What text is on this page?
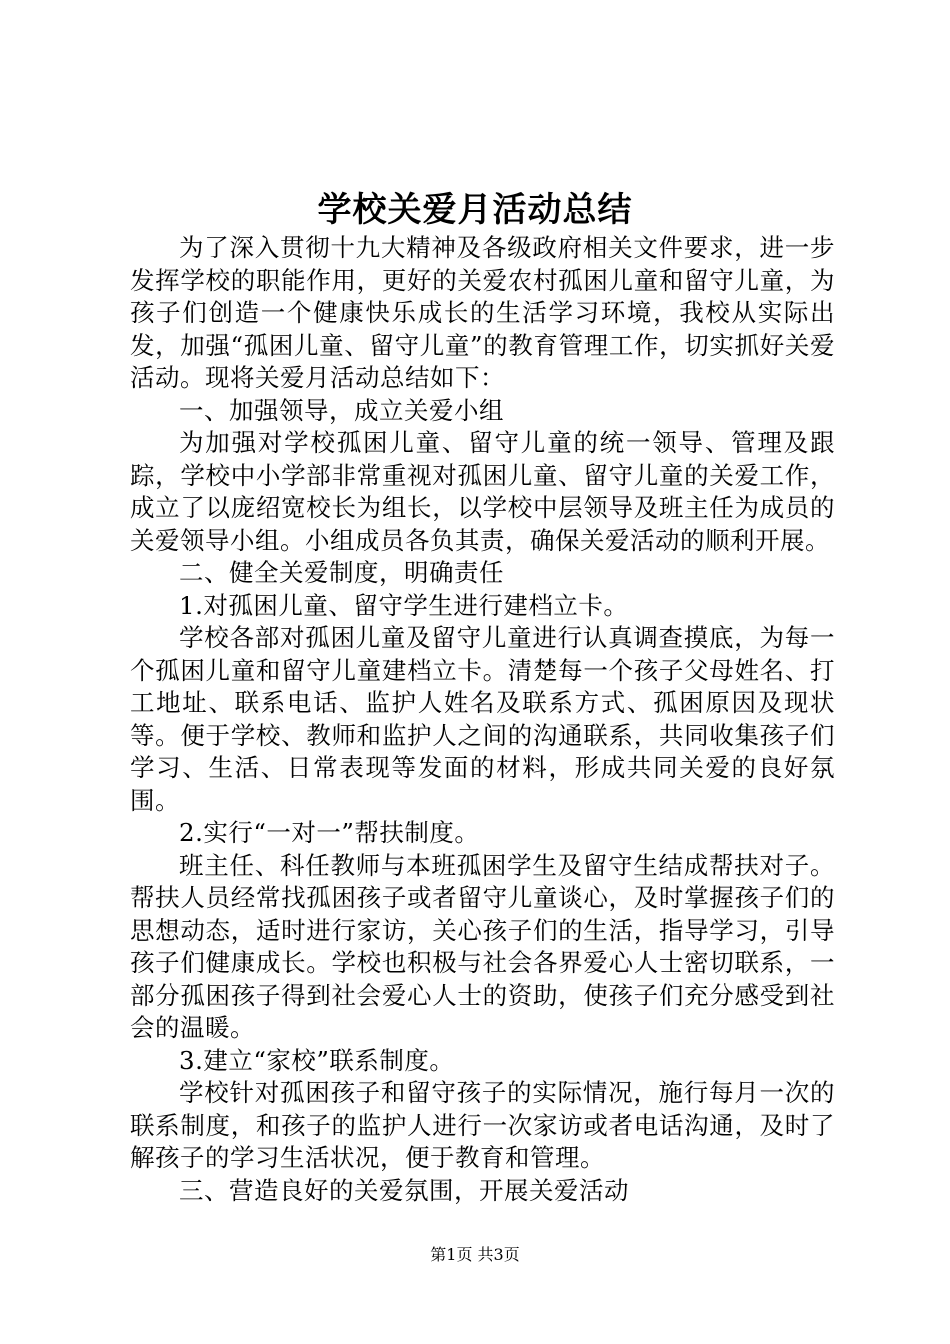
学校关爱月活动总结

为了深入贯彻十九大精神及各级政府相关文件要求，进一步发挥学校的职能作用，更好的关爱农村孤困儿童和留守儿童，为孩子们创造一个健康快乐成长的生活学习环境，我校从实际出发，加强“孤困儿童、留守儿童”的教育管理工作，切实抓好关爱活动。现将关爱月活动总结如下：

一、加强领导，成立关爱小组

为加强对学校孤困儿童、留守儿童的统一领导、管理及跟踪，学校中小学部非常重视对孤困儿童、留守儿童的关爱工作，成立了以庞绍宽校长为组长，以学校中层领导及班主任为成员的关爱领导小组。小组成员各负其责，确保关爱活动的顺利开展。

二、健全关爱制度，明确责任

1.对孤困儿童、留守学生进行建档立卡。

学校各部对孤困儿童及留守儿童进行认真调查摸底，为每一个孤困儿童和留守儿童建档立卡。清楚每一个孩子父母姓名、打工地址、联系电话、监护人姓名及联系方式、孤困原因及现状等。便于学校、教师和监护人之间的沟通联系，共同收集孩子们学习、生活、日常表现等发面的材料，形成共同关爱的良好氛围。

2.实行“一对一”帮扶制度。

班主任、科任教师与本班孤困学生及留守生结成帮扶对子。帮扶人员经常找孤困孩子或者留守儿童谈心，及时掌握孩子们的思想动态，适时进行家访，关心孩子们的生活，指导学习，引导孩子们健康成长。学校也积极与社会各界爱心人士密切联系，一部分孤困孩子得到社会爱心人士的资助，使孩子们充分感受到社会的温暖。

3.建立“家校”联系制度。

学校针对孤困孩子和留守孩子的实际情况，施行每月一次的联系制度，和孩子的监护人进行一次家访或者电话沟通，及时了解孩子的学习生活状况，便于教育和管理。

三、营造良好的关爱氛围，开展关爱活动

第1页 共3页
